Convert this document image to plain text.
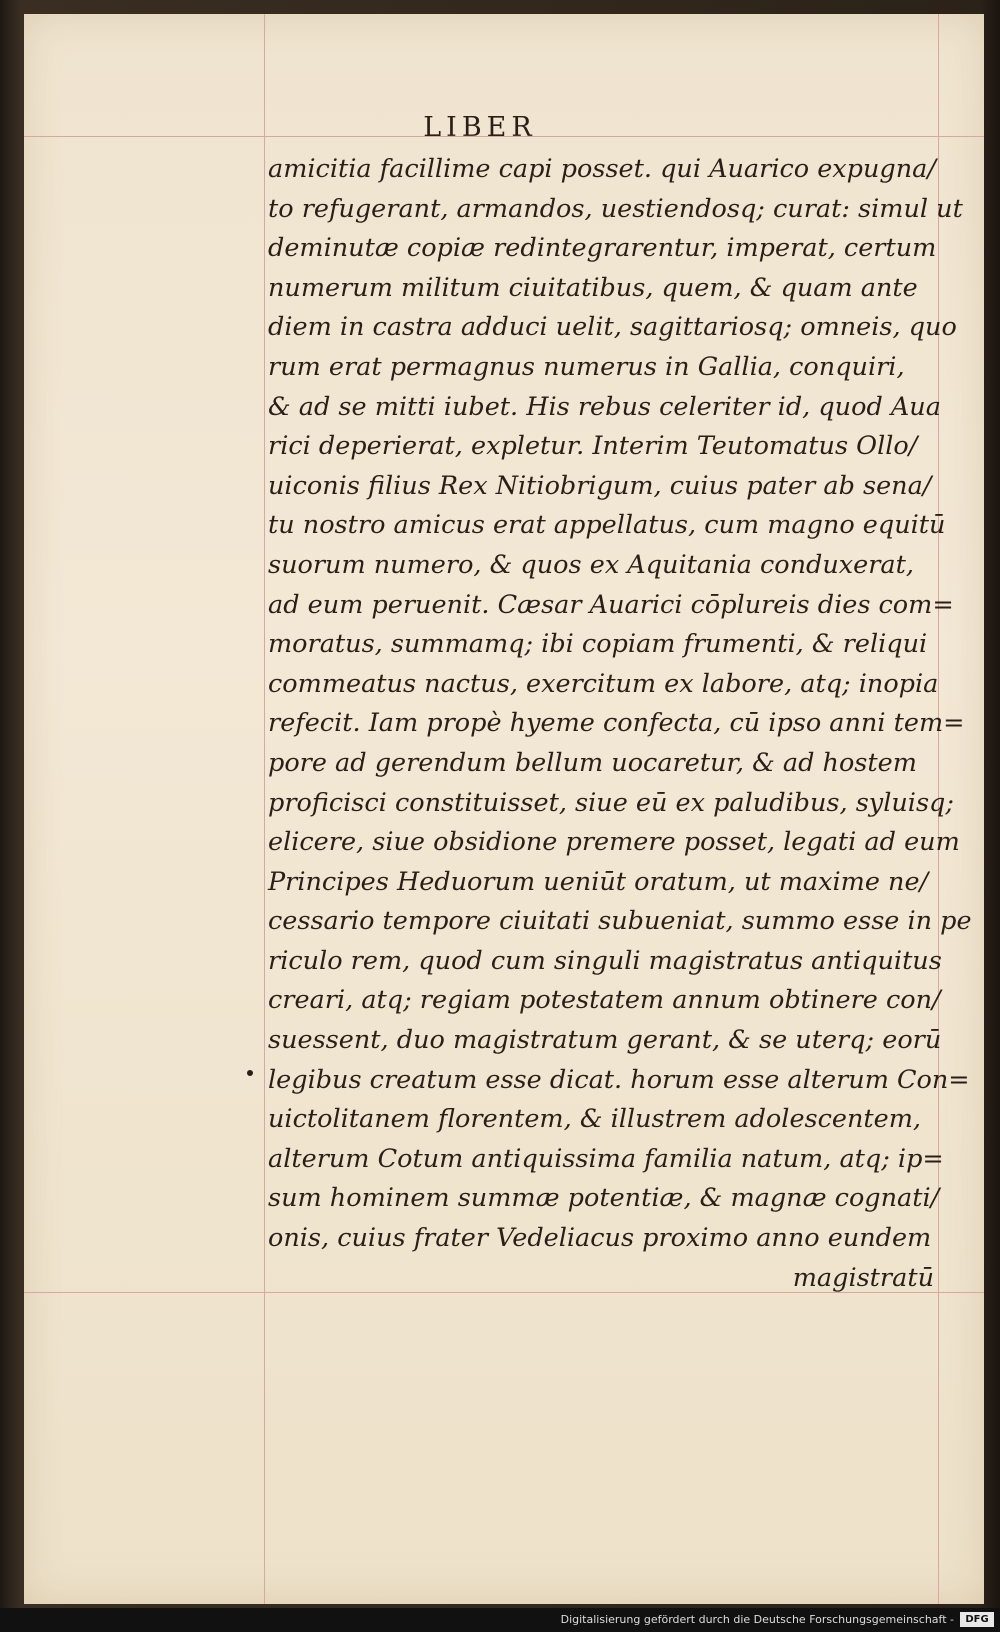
LIBER
amicitia facillime capi posset. qui Auarico expugna/
to refugerant, armandos, uestiendosq; curat: simul ut
deminutæ copiæ redintegrarentur, imperat, certum
numerum militum ciuitatibus, quem, & quam ante
diem in castra adduci uelit, sagittariosq; omneis, quo
rum erat permagnus numerus in Gallia, conquiri,
& ad se mitti iubet. His rebus celeriter id, quod Aua
rici deperierat, expletur. Interim Teutomatus Ollo/
uiconis filius Rex Nitiobrigum, cuius pater ab sena/
tu nostro amicus erat appellatus, cum magno equitū
suorum numero, & quos ex Aquitania conduxerat,
ad eum peruenit. Cæsar Auarici cōplureis dies com=
moratus, summamq; ibi copiam frumenti, & reliqui
commeatus nactus, exercitum ex labore, atq; inopia
refecit. Iam propè hyeme confecta, cū ipso anni tem=
pore ad gerendum bellum uocaretur, & ad hostem
proficisci constituisset, siue eū ex paludibus, syluisq;
elicere, siue obsidione premere posset, legati ad eum
Principes Heduorum ueniūt oratum, ut maxime ne/
cessario tempore ciuitati subueniat, summo esse in pe
riculo rem, quod cum singuli magistratus antiquitus
creari, atq; regiam potestatem annum obtinere con/
suessent, duo magistratum gerant, & se uterq; eorū
legibus creatum esse dicat. horum esse alterum Con=
uictolitanem florentem, & illustrem adolescentem,
alterum Cotum antiquissima familia natum, atq; ip=
sum hominem summæ potentiæ, & magnæ cognati/
onis, cuius frater Vedeliacus proximo anno eundem
magistratū
Digitalisierung gefördert durch die Deutsche Forschungsgemeinschaft -	DFG
